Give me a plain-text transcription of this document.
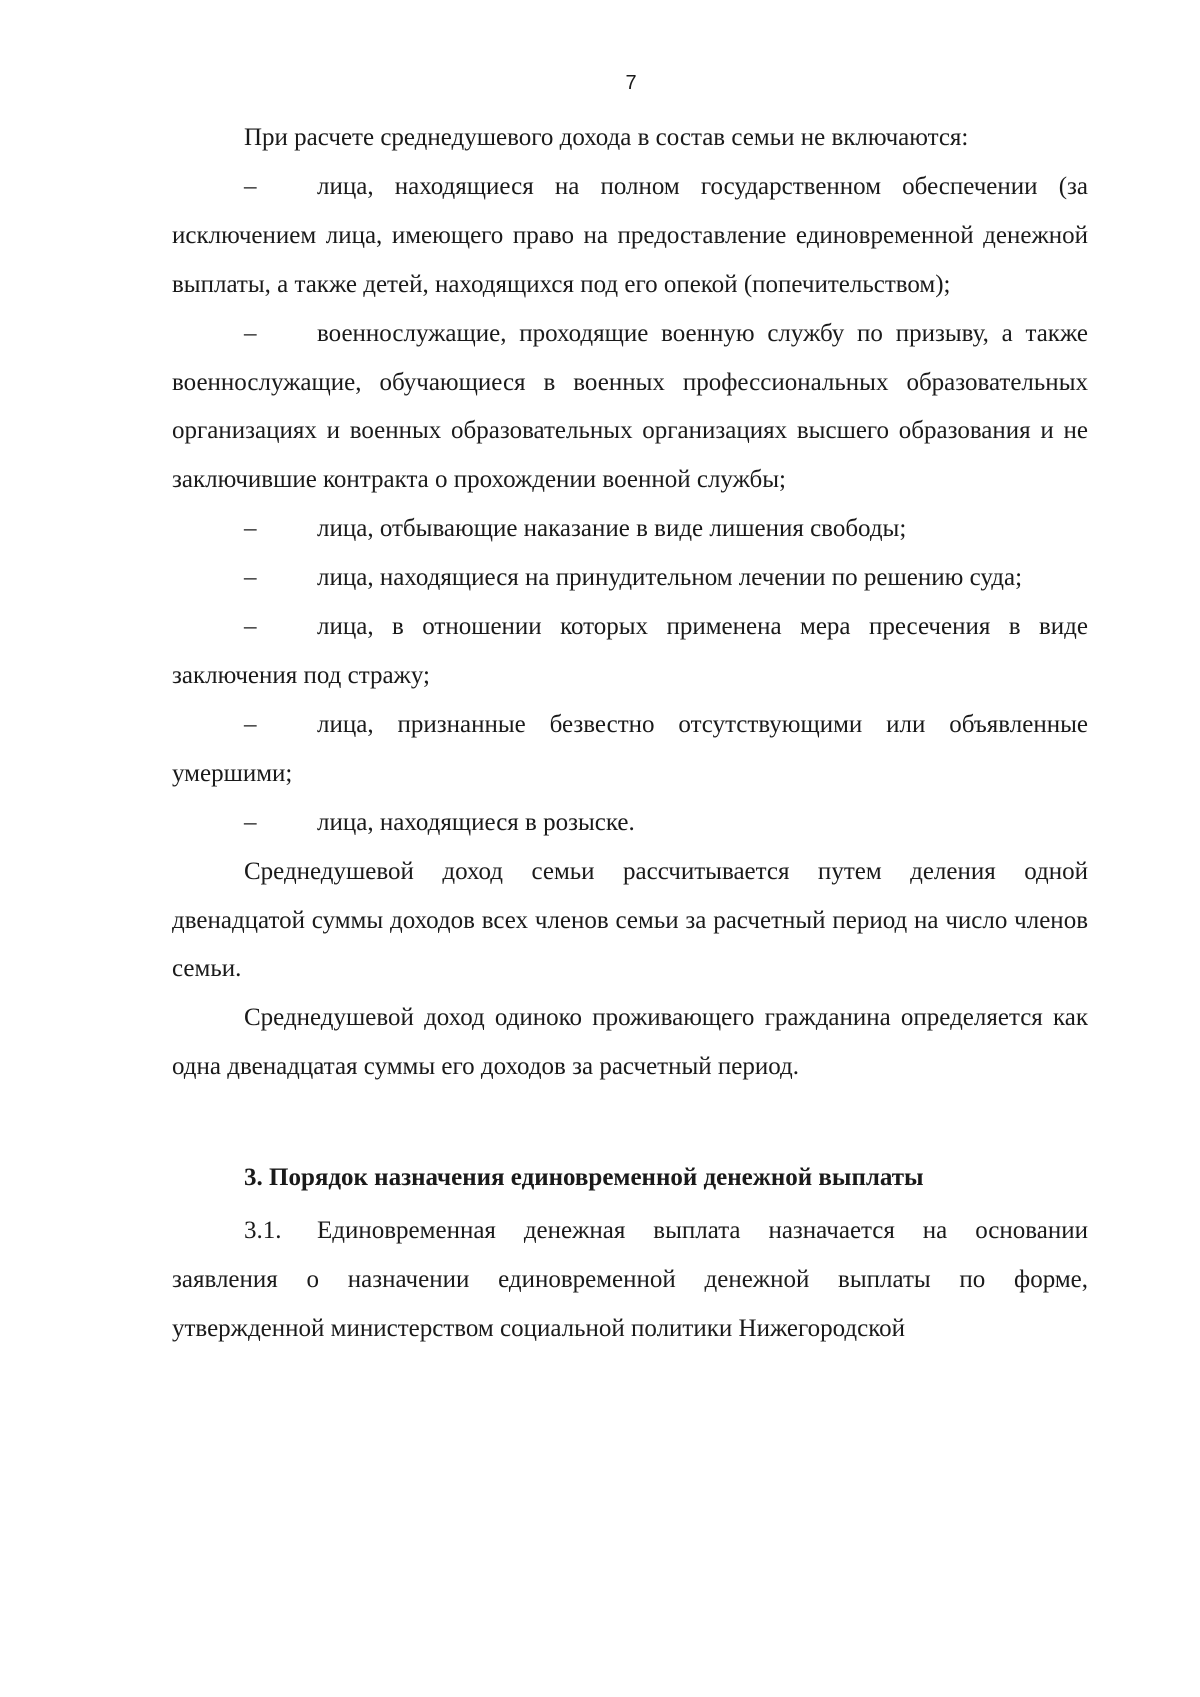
7

При расчете среднедушевого дохода в состав семьи не включаются:

– лица, находящиеся на полном государственном обеспечении (за исключением лица, имеющего право на предоставление единовременной денежной выплаты, а также детей, находящихся под его опекой (попечительством);

– военнослужащие, проходящие военную службу по призыву, а также военнослужащие, обучающиеся в военных профессиональных образовательных организациях и военных образовательных организациях высшего образования и не заключившие контракта о прохождении военной службы;

– лица, отбывающие наказание в виде лишения свободы;

– лица, находящиеся на принудительном лечении по решению суда;

– лица, в отношении которых применена мера пресечения в виде заключения под стражу;

– лица, признанные безвестно отсутствующими или объявленные умершими;

– лица, находящиеся в розыске.

Среднедушевой доход семьи рассчитывается путем деления одной двенадцатой суммы доходов всех членов семьи за расчетный период на число членов семьи.

Среднедушевой доход одиноко проживающего гражданина определяется как одна двенадцатая суммы его доходов за расчетный период.

3. Порядок назначения единовременной денежной выплаты

3.1. Единовременная денежная выплата назначается на основании заявления о назначении единовременной денежной выплаты по форме, утвержденной министерством социальной политики Нижегородской
